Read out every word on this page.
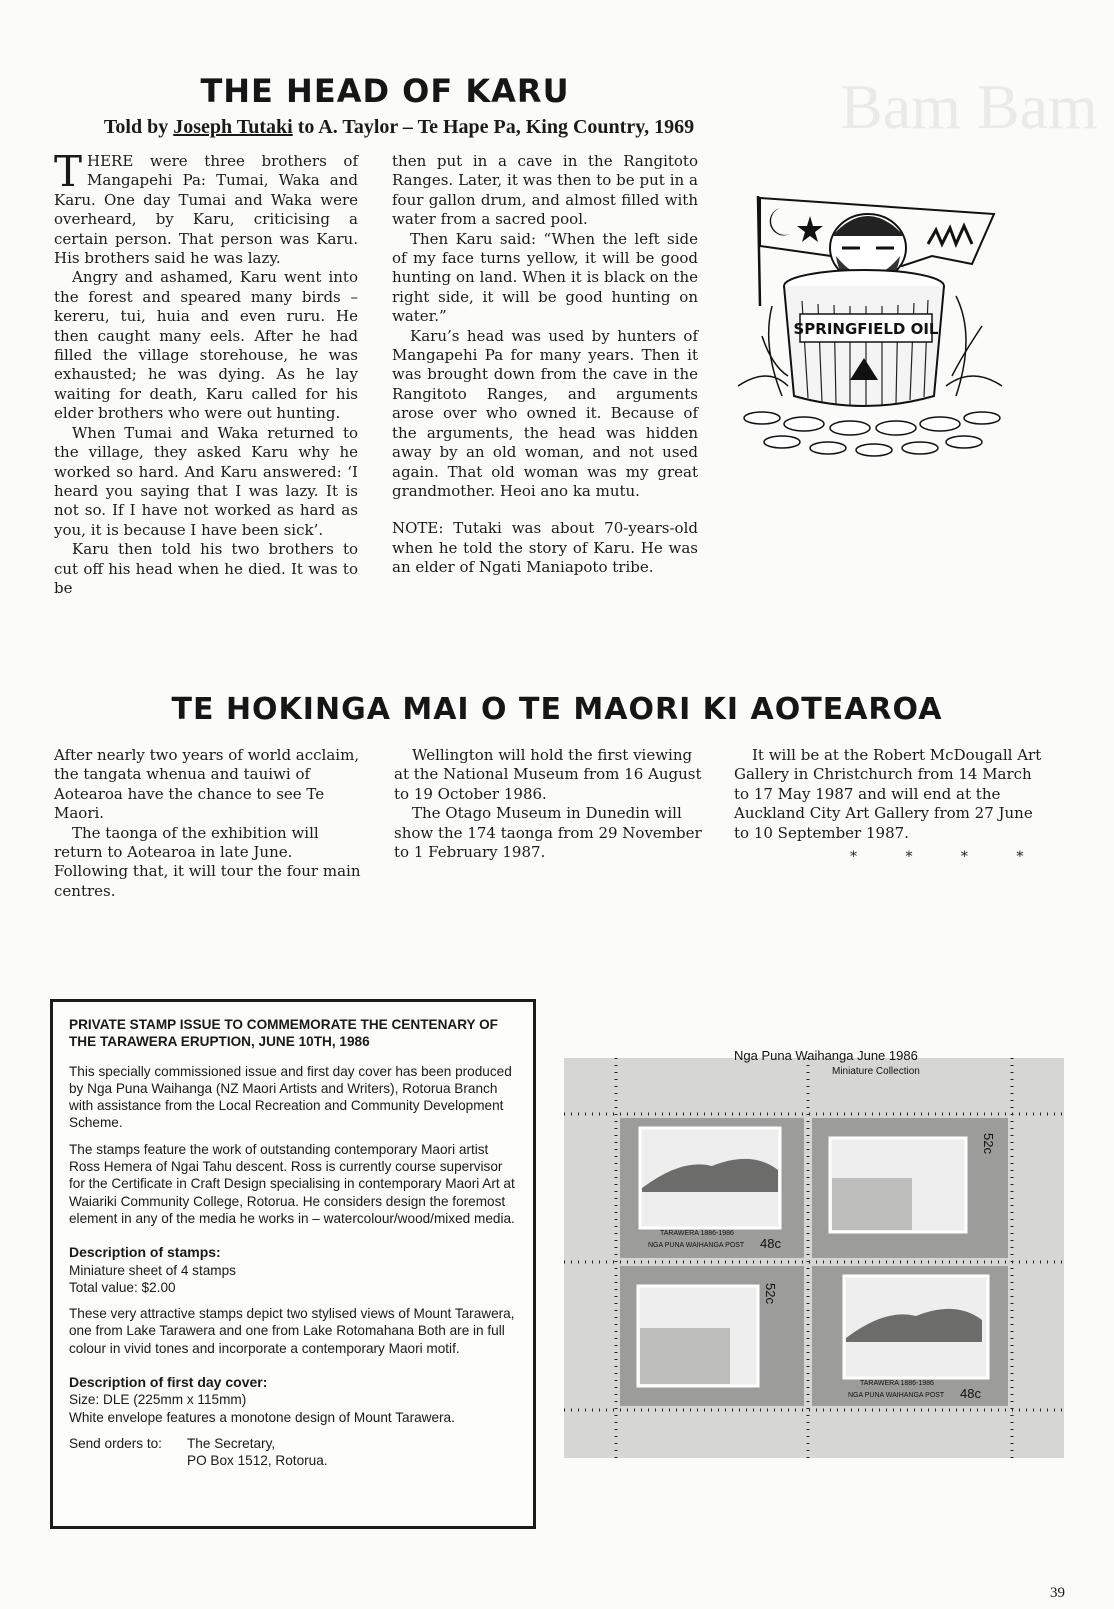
Bam Bam
THE HEAD OF KARU
Told by Joseph Tutaki to A. Taylor – Te Hape Pa, King Country, 1969

THERE were three brothers of Mangapehi Pa: Tumai, Waka and Karu. One day Tumai and Waka were overheard, by Karu, criticising a certain person. That person was Karu. His brothers said he was lazy.

Angry and ashamed, Karu went into the forest and speared many birds – kereru, tui, huia and even ruru. He then caught many eels. After he had filled the village storehouse, he was exhausted; he was dying. As he lay waiting for death, Karu called for his elder brothers who were out hunting.

When Tumai and Waka returned to the village, they asked Karu why he worked so hard. And Karu answered: ‘I heard you saying that I was lazy. It is not so. If I have not worked as hard as you, it is because I have been sick’.

Karu then told his two brothers to cut off his head when he died. It was to be

then put in a cave in the Rangitoto Ranges. Later, it was then to be put in a four gallon drum, and almost filled with water from a sacred pool.

Then Karu said: “When the left side of my face turns yellow, it will be good hunting on land. When it is black on the right side, it will be good hunting on water.”

Karu’s head was used by hunters of Mangapehi Pa for many years. Then it was brought down from the cave in the Rangitoto Ranges, and arguments arose over who owned it. Because of the arguments, the head was hidden away by an old woman, and not used again. That old woman was my great grandmother. Heoi ano ka mutu.

NOTE: Tutaki was about 70-years-old when he told the story of Karu. He was an elder of Ngati Maniapoto tribe.

SPRINGFIELD OIL
TE HOKINGA MAI O TE MAORI KI AOTEAROA

After nearly two years of world acclaim, the tangata whenua and tauiwi of Aotearoa have the chance to see Te Maori.

The taonga of the exhibition will return to Aotearoa in late June. Following that, it will tour the four main centres.

Wellington will hold the first viewing at the National Museum from 16 August to 19 October 1986.

The Otago Museum in Dunedin will show the 174 taonga from 29 November to 1 February 1987.

It will be at the Robert McDougall Art Gallery in Christchurch from 14 March to 17 May 1987 and will end at the Auckland City Art Gallery from 27 June to 10 September 1987.

* * * *
PRIVATE STAMP ISSUE TO COMMEMORATE THE CENTENARY OF THE TARAWERA ERUPTION, JUNE 10TH, 1986

This specially commissioned issue and first day cover has been produced by Nga Puna Waihanga (NZ Maori Artists and Writers), Rotorua Branch with assistance from the Local Recreation and Community Development Scheme.

The stamps feature the work of outstanding contemporary Maori artist Ross Hemera of Ngai Tahu descent. Ross is currently course supervisor for the Certificate in Craft Design specialising in contemporary Maori Art at Waiariki Community College, Rotorua. He considers design the foremost element in any of the media he works in – watercolour/wood/mixed media.

Description of stamps:
Miniature sheet of 4 stamps
Total value: $2.00

These very attractive stamps depict two stylised views of Mount Tarawera, one from Lake Tarawera and one from Lake Rotomahana Both are in full colour in vivid tones and incorporate a contemporary Maori motif.

Description of first day cover:
Size: DLE (225mm x 115mm)
White envelope features a monotone design of Mount Tarawera.
Send orders to:	The Secretary,
PO Box 1512, Rotorua.
Nga Puna Waihanga June 1986
Miniature Collection
TARAWERA 1886-1986
NGA PUNA WAIHANGA POST 48c
52c
52c
TARAWERA 1886-1986
NGA PUNA WAIHANGA POST 48c
39
